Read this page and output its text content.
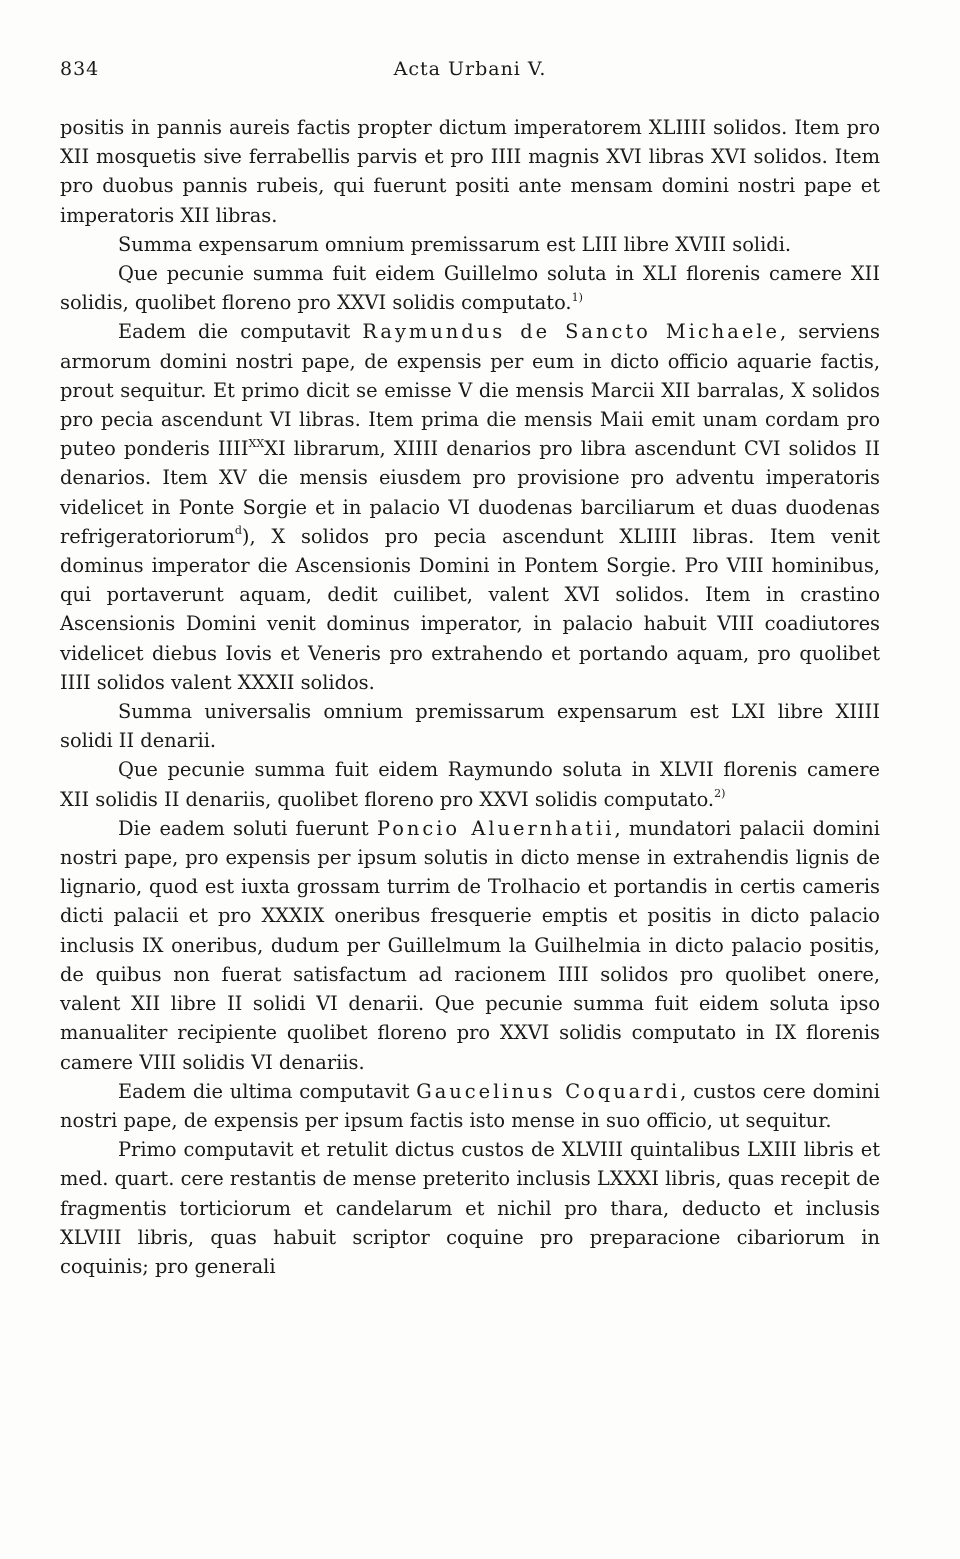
834	Acta Urbani V.

positis in pannis aureis factis propter dictum imperatorem XLIIII solidos. Item pro XII mosquetis sive ferrabellis parvis et pro IIII magnis XVI libras XVI solidos. Item pro duobus pannis rubeis, qui fuerunt positi ante mensam domini nostri pape et imperatoris XII libras.

Summa expensarum omnium premissarum est LIII libre XVIII solidi.

Que pecunie summa fuit eidem Guillelmo soluta in XLI florenis camere XII solidis, quolibet floreno pro XXVI solidis computato.$^{1)}$

Eadem die computavit Raymundus de Sancto Michaele, serviens armorum domini nostri pape, de expensis per eum in dicto officio aquarie factis, prout sequitur. Et primo dicit se emisse V die mensis Marcii XII barralas, X solidos pro pecia ascendunt VI libras. Item prima die mensis Maii emit unam cordam pro puteo ponderis $IIII^{XX}XI$ librarum, XIIII denarios pro libra ascendunt CVI solidos II denarios. Item XV die mensis eiusdem pro provisione pro adventu imperatoris videlicet in Ponte Sorgie et in palacio VI duodenas barciliarum et duas duodenas refrigeratoriorum$^d$), X solidos pro pecia ascendunt XLIIII libras. Item venit dominus imperator die Ascensionis Domini in Pontem Sorgie. Pro VIII hominibus, qui portaverunt aquam, dedit cuilibet, valent XVI solidos. Item in crastino Ascensionis Domini venit dominus imperator, in palacio habuit VIII coadiutores videlicet diebus Iovis et Veneris pro extrahendo et portando aquam, pro quolibet IIII solidos valent XXXII solidos.

Summa universalis omnium premissarum expensarum est LXI libre XIIII solidi II denarii.

Que pecunie summa fuit eidem Raymundo soluta in XLVII florenis camere XII solidis II denariis, quolibet floreno pro XXVI solidis computato.$^{2)}$

Die eadem soluti fuerunt Poncio Aluernhatii, mundatori palacii domini nostri pape, pro expensis per ipsum solutis in dicto mense in extrahendis lignis de lignario, quod est iuxta grossam turrim de Trolhacio et portandis in certis cameris dicti palacii et pro XXXIX oneribus fresquerie emptis et positis in dicto palacio inclusis IX oneribus, dudum per Guillelmum la Guilhelmia in dicto palacio positis, de quibus non fuerat satisfactum ad racionem IIII solidos pro quolibet onere, valent XII libre II solidi VI denarii. Que pecunie summa fuit eidem soluta ipso manualiter recipiente quolibet floreno pro XXVI solidis computato in IX florenis camere VIII solidis VI denariis.

Eadem die ultima computavit Gaucelinus Coquardi, custos cere domini nostri pape, de expensis per ipsum factis isto mense in suo officio, ut sequitur.

Primo computavit et retulit dictus custos de XLVIII quintalibus LXIII libris et med. quart. cere restantis de mense preterito inclusis LXXXI libris, quas recepit de fragmentis torticiorum et candelarum et nichil pro thara, deducto et inclusis XLVIII libris, quas habuit scriptor coquine pro preparacione cibariorum in coquinis; pro generali
